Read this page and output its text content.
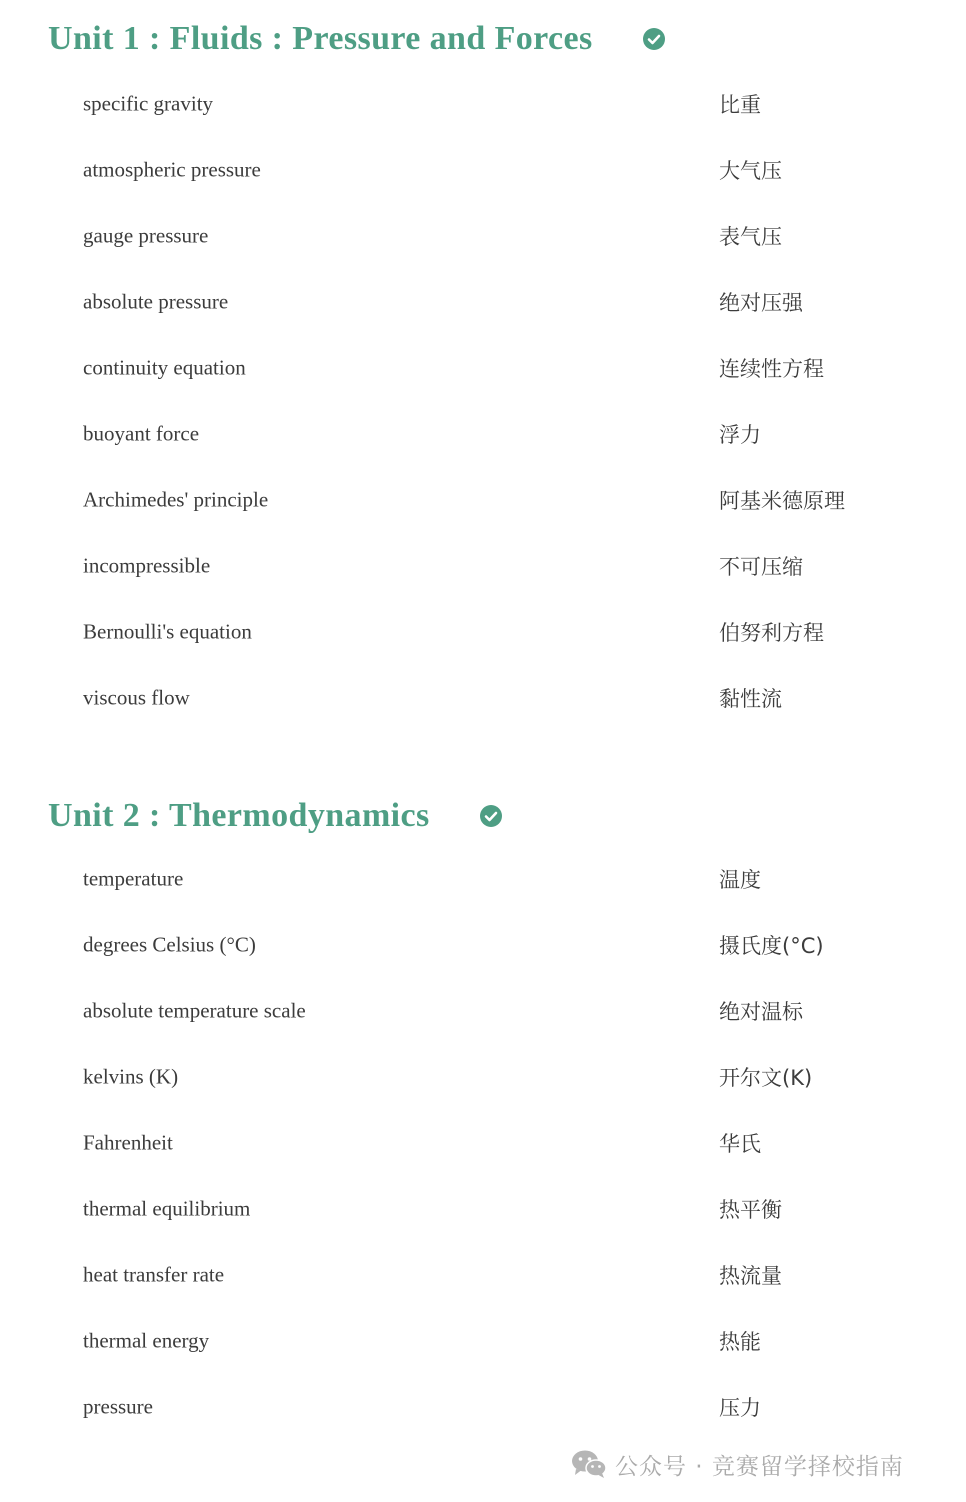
Unit 1 : Fluids : Pressure and Forces
specific gravity	比重
atmospheric pressure	大气压
gauge pressure	表气压
absolute pressure	绝对压强
continuity equation	连续性方程
buoyant force	浮力
Archimedes' principle	阿基米德原理
incompressible	不可压缩
Bernoulli's equation	伯努利方程
viscous flow	黏性流
Unit 2 : Thermodynamics
temperature	温度
degrees Celsius (°C)	摄氏度(°C)
absolute temperature scale	绝对温标
kelvins (K)	开尔文(K)
Fahrenheit	华氏
thermal equilibrium	热平衡
heat transfer rate	热流量
thermal energy	热能
pressure	压力
公众号 · 竞赛留学择校指南
